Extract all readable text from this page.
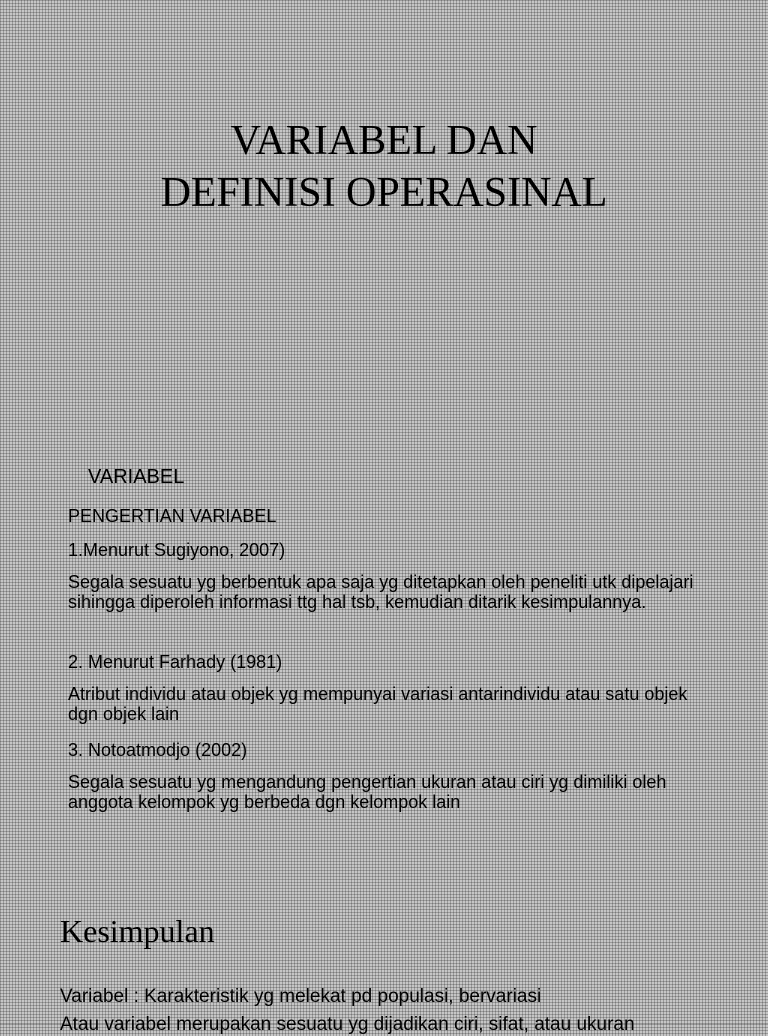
VARIABEL DAN
DEFINISI OPERASINAL
VARIABEL

PENGERTIAN VARIABEL

1.Menurut Sugiyono, 2007)

Segala sesuatu yg berbentuk apa saja yg ditetapkan oleh peneliti utk dipelajari sihingga diperoleh informasi ttg hal tsb, kemudian ditarik kesimpulannya.

2. Menurut Farhady (1981)

Atribut individu atau objek yg mempunyai variasi antarindividu atau satu objek dgn objek lain

3. Notoatmodjo (2002)

Segala sesuatu yg mengandung pengertian ukuran atau ciri yg dimiliki oleh anggota kelompok yg berbeda dgn kelompok lain

Kesimpulan

Variabel : Karakteristik yg melekat pd populasi, bervariasi

Atau variabel merupakan sesuatu yg dijadikan ciri, sifat, atau ukuran
